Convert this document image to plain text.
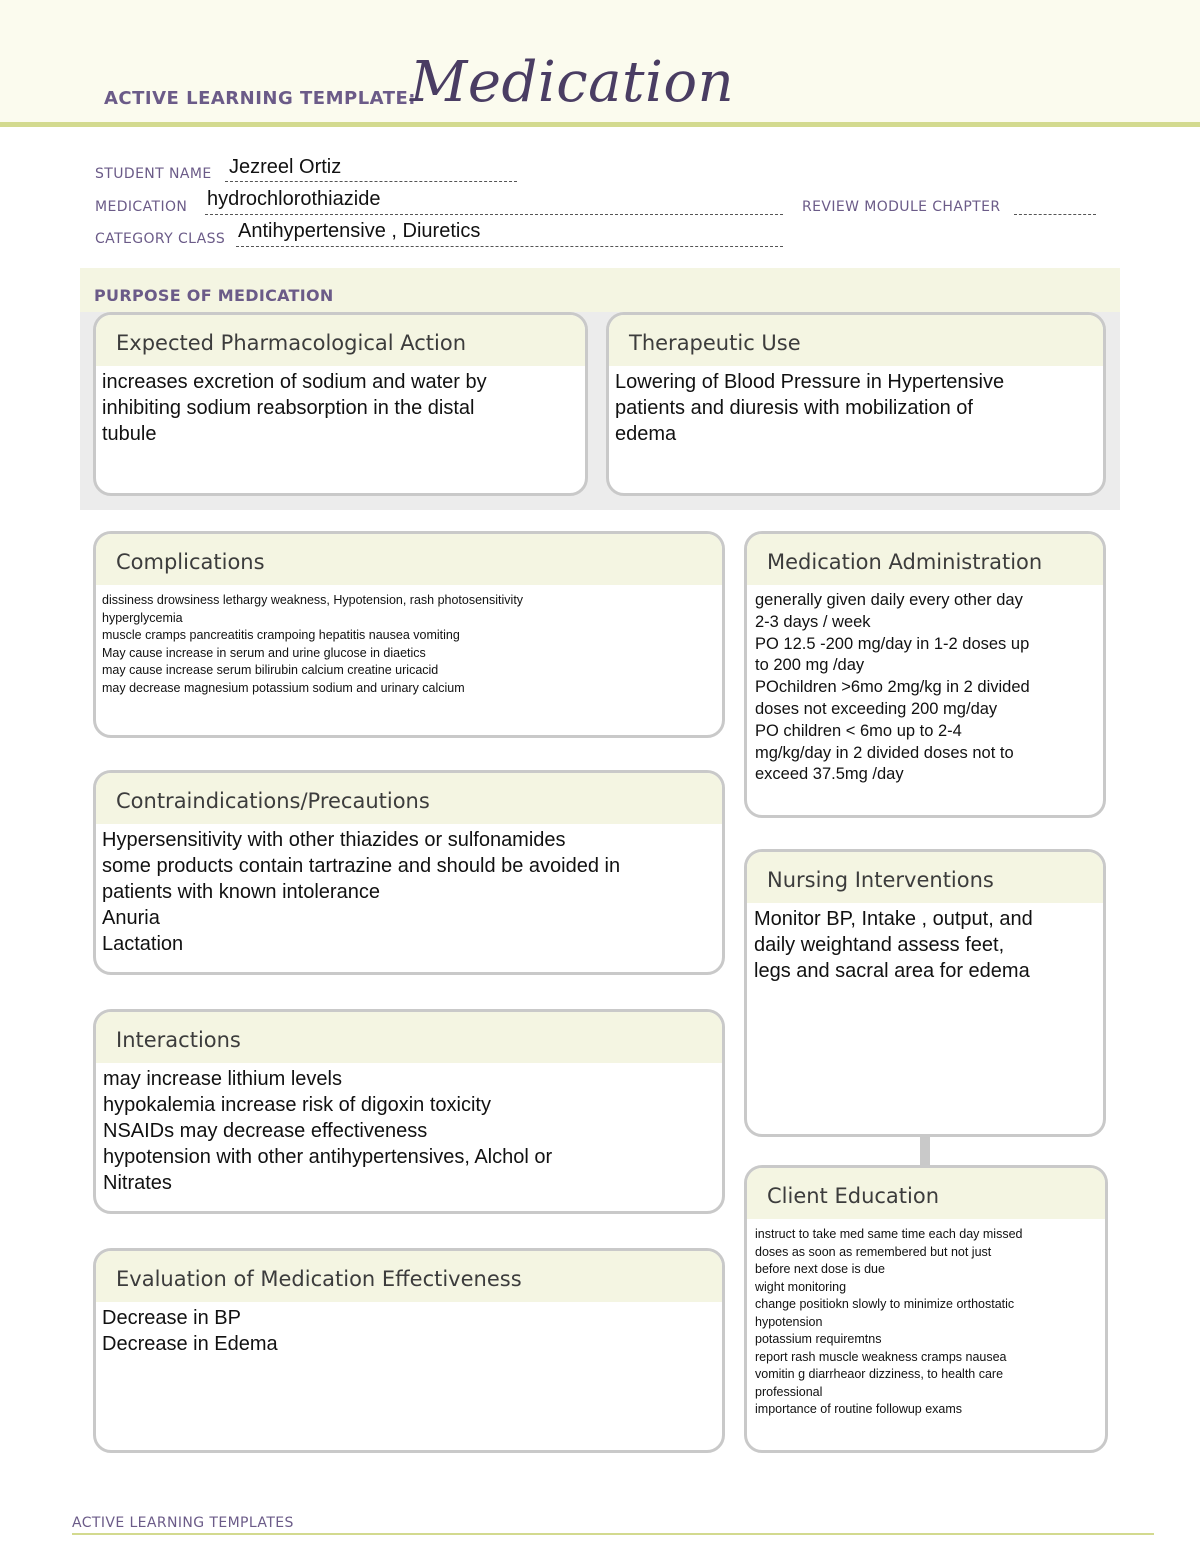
ACTIVE LEARNING TEMPLATE:
Medication
STUDENT NAME Jezreel Ortiz
MEDICATION hydrochlorothiazide	REVIEW MODULE CHAPTER
CATEGORY CLASS Antihypertensive , Diuretics
PURPOSE OF MEDICATION
Expected Pharmacological Action
increases excretion of sodium and water by
inhibiting sodium reabsorption in the distal
tubule
Therapeutic Use
Lowering of Blood Pressure in Hypertensive
patients and diuresis with mobilization of
edema
Complications
dissiness drowsiness lethargy weakness, Hypotension, rash photosensitivity
hyperglycemia
muscle cramps pancreatitis crampoing hepatitis nausea vomiting
May cause increase in serum and urine glucose in diaetics
may cause increase serum bilirubin calcium creatine uricacid
may decrease magnesium potassium sodium and urinary calcium
Medication Administration
generally given daily every other day
2-3 days / week
PO 12.5 -200 mg/day in 1-2 doses up
to 200 mg /day
POchildren >6mo 2mg/kg in 2 divided
doses not exceeding 200 mg/day
PO children < 6mo up to 2-4
mg/kg/day in 2 divided doses not to
exceed 37.5mg /day
Contraindications/Precautions
Hypersensitivity with other thiazides or sulfonamides
some products contain tartrazine and should be avoided in
patients with known intolerance
Anuria
Lactation
Nursing Interventions
Monitor BP, Intake , output, and
daily weightand assess feet,
legs and sacral area for edema
Interactions
may increase lithium levels
hypokalemia increase risk of digoxin toxicity
NSAIDs may decrease effectiveness
hypotension with other antihypertensives, Alchol or
Nitrates
Client Education
instruct to take med same time each day missed
doses as soon as remembered but not just
before next dose is due
wight monitoring
change positiokn slowly to minimize orthostatic
hypotension
potassium requiremtns
report rash muscle weakness cramps nausea
vomitin g diarrheaor dizziness, to health care
professional
importance of routine followup exams
Evaluation of Medication Effectiveness
Decrease in BP
Decrease in Edema
ACTIVE LEARNING TEMPLATES
